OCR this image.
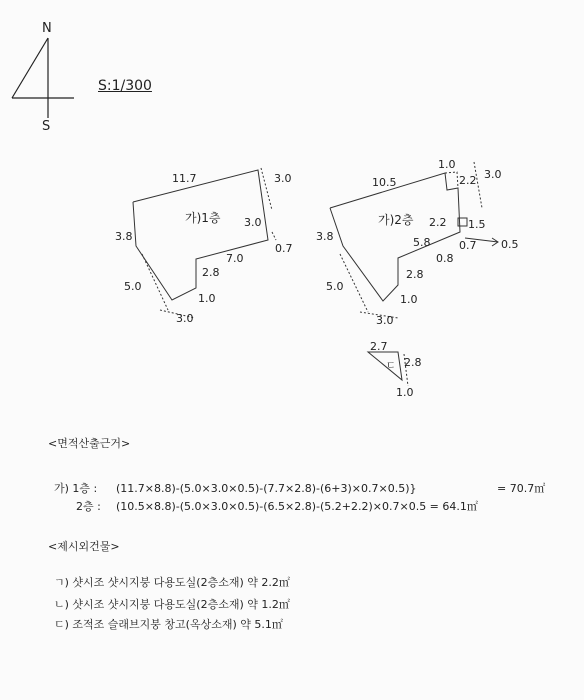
N
S
S:1/300
가)1층
11.7	3.0
3.0
0.7
7.0
3.8
2.8
5.0
1.0
3.0
가)2층
10.5
1.0
2.2 3.0
2.2 1.5
5.8	0.7
0.8
0.5
3.8
2.8
5.0
1.0
3.0
2.7
2.8
ㄷ
1.0
<면적산출근거>
가) 1층 : (11.7×8.8)-(5.0×3.0×0.5)-(7.7×2.8)-(6+3)×0.7×0.5)}	= 70.7㎡
2층 : (10.5×8.8)-(5.0×3.0×0.5)-(6.5×2.8)-(5.2+2.2)×0.7×0.5 = 64.1㎡
<제시외건물>
ㄱ) 샷시조 샷시지붕 다용도실(2층소재) 약 2.2㎡
ㄴ) 샷시조 샷시지붕 다용도실(2층소재) 약 1.2㎡
ㄷ) 조적조 슬래브지붕 창고(옥상소재) 약 5.1㎡
